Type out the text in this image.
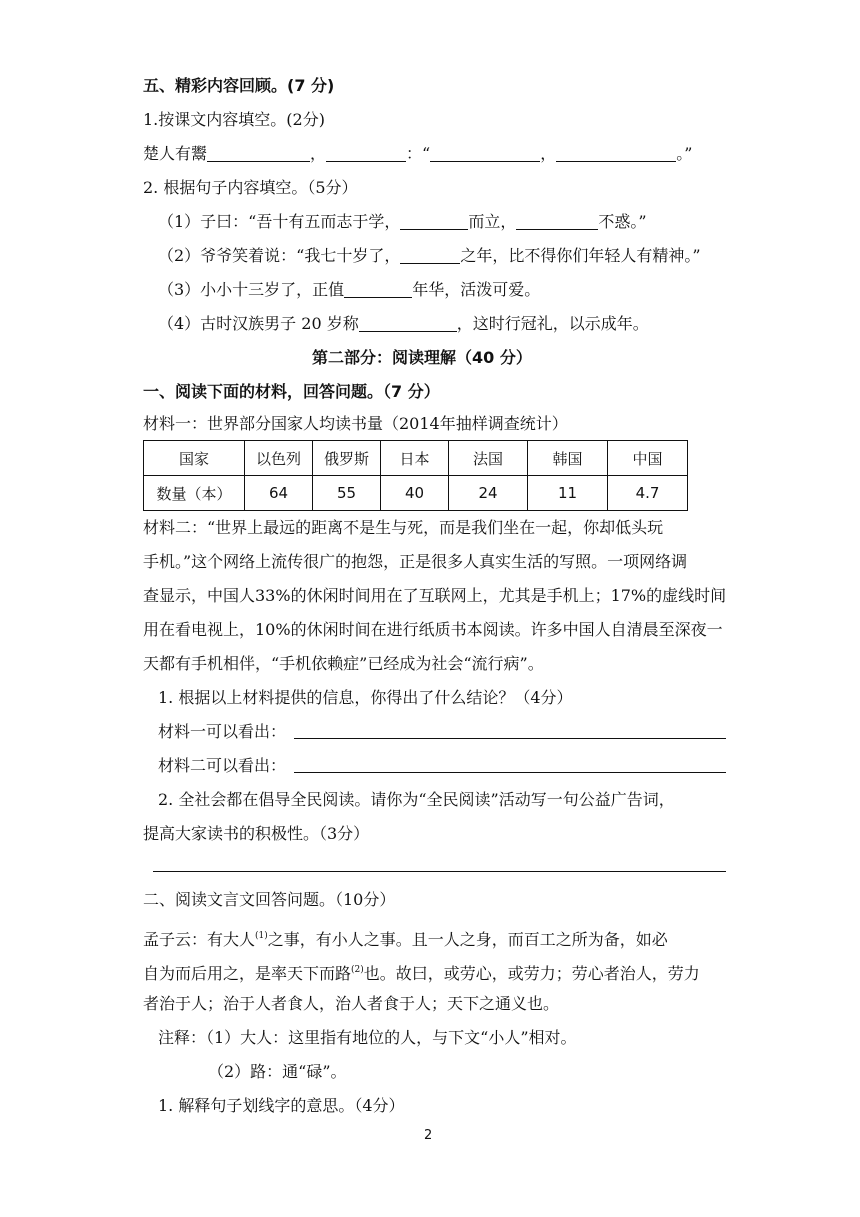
五、精彩内容回顾。(7 分)
1.按课文内容填空。(2分)
楚人有鬻	，	：“	，	。”
2. 根据句子内容填空。（5分）
（1）子曰：“吾十有五而志于学，	而立，	不惑。”
（2）爷爷笑着说：“我七十岁了，	之年，比不得你们年轻人有精神。”
（3）小小十三岁了，正值	年华，活泼可爱。
（4）古时汉族男子 20 岁称	，这时行冠礼，以示成年。
第二部分：阅读理解（40 分）
一、阅读下面的材料，回答问题。（7 分）
材料一：世界部分国家人均读书量（2014年抽样调查统计）
国家	以色列	俄罗斯	日本	法国	韩国	中国
数量（本）	64	55	40	24	11	4.7
材料二：“世界上最远的距离不是生与死，而是我们坐在一起，你却低头玩
手机。”这个网络上流传很广的抱怨，正是很多人真实生活的写照。一项网络调
查显示，中国人33%的休闲时间用在了互联网上，尤其是手机上；17%的虚线时间
用在看电视上，10%的休闲时间在进行纸质书本阅读。许多中国人自清晨至深夜一
天都有手机相伴，“手机依赖症”已经成为社会“流行病”。
1. 根据以上材料提供的信息，你得出了什么结论？（4分）
材料一可以看出：
材料二可以看出：
2. 全社会都在倡导全民阅读。请你为“全民阅读”活动写一句公益广告词，
提高大家读书的积极性。（3分）
二、阅读文言文回答问题。（10分）
孟子云：有大人$^{(1)}$之事，有小人之事。且一人之身，而百工之所为备，如必
自为而后用之，是率天下而路$^{(2)}$也。故曰，或劳心，或劳力；劳心者治人，劳力
者治于人；治于人者食人，治人者食于人；天下之通义也。
注释：（1）大人：这里指有地位的人，与下文“小人”相对。
（2）路：通“碌”。
1. 解释句子划线字的意思。（4分）
2
